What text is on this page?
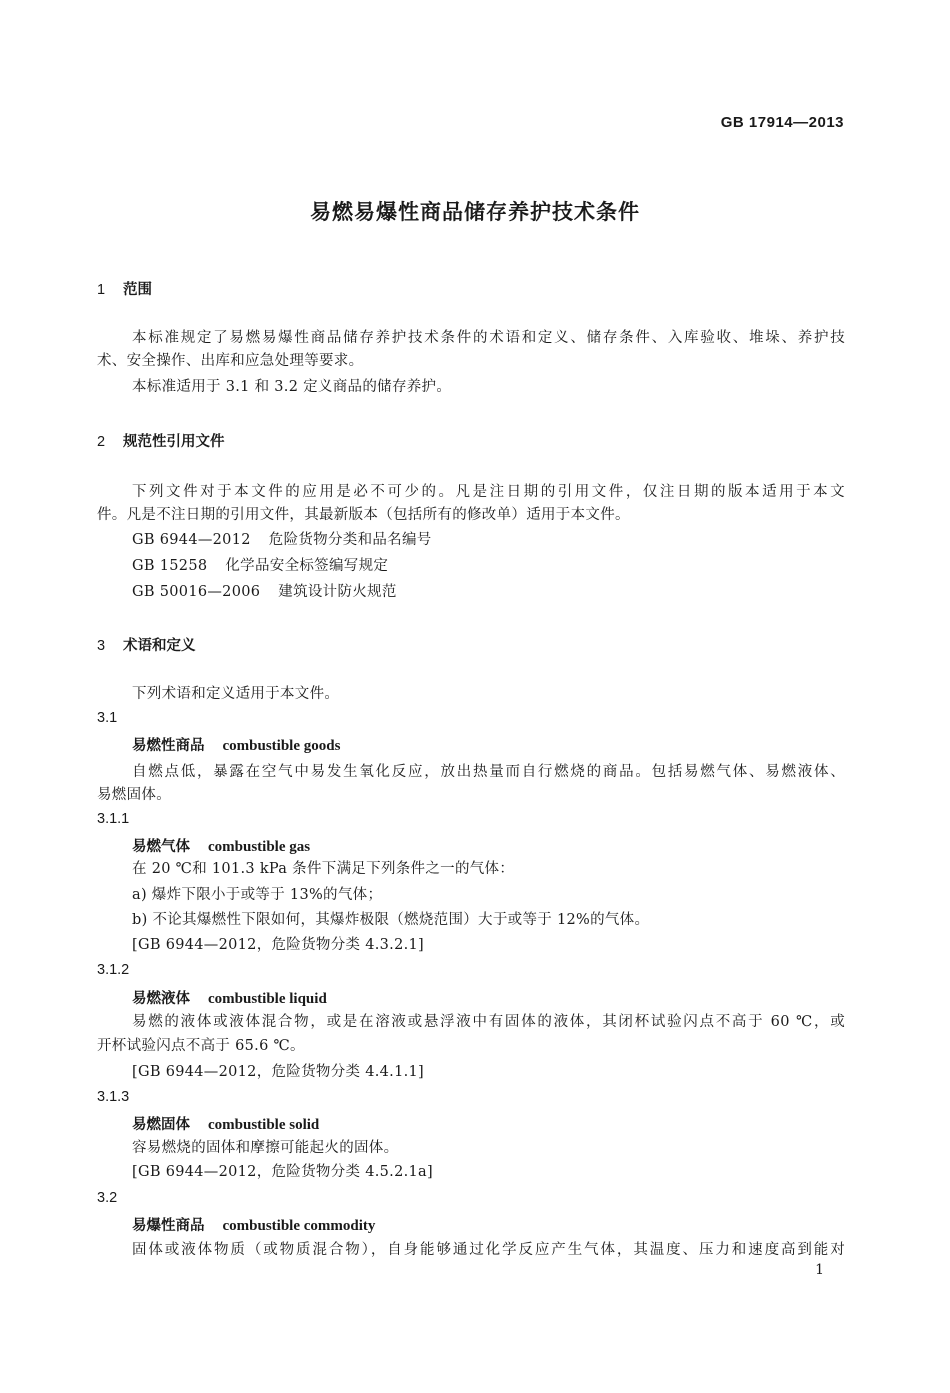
GB 17914—2013
易燃易爆性商品储存养护技术条件
1 范围
本标准规定了易燃易爆性商品储存养护技术条件的术语和定义、储存条件、入库验收、堆垛、养护技
术、安全操作、出库和应急处理等要求。
本标准适用于 3.1 和 3.2 定义商品的储存养护。
2 规范性引用文件
下列文件对于本文件的应用是必不可少的。凡是注日期的引用文件，仅注日期的版本适用于本文
件。凡是不注日期的引用文件，其最新版本（包括所有的修改单）适用于本文件。
GB 6944—2012 危险货物分类和品名编号
GB 15258 化学品安全标签编写规定
GB 50016—2006 建筑设计防火规范
3 术语和定义
下列术语和定义适用于本文件。
3.1
易燃性商品 combustible goods
自燃点低，暴露在空气中易发生氧化反应，放出热量而自行燃烧的商品。包括易燃气体、易燃液体、
易燃固体。
3.1.1
易燃气体 combustible gas
在 20 ℃和 101.3 kPa 条件下满足下列条件之一的气体：
a) 爆炸下限小于或等于 13%的气体；
b) 不论其爆燃性下限如何，其爆炸极限（燃烧范围）大于或等于 12%的气体。
[GB 6944—2012，危险货物分类 4.3.2.1]
3.1.2
易燃液体 combustible liquid
易燃的液体或液体混合物，或是在溶液或悬浮液中有固体的液体，其闭杯试验闪点不高于 60 ℃，或
开杯试验闪点不高于 65.6 ℃。
[GB 6944—2012，危险货物分类 4.4.1.1]
3.1.3
易燃固体 combustible solid
容易燃烧的固体和摩擦可能起火的固体。
[GB 6944—2012，危险货物分类 4.5.2.1a]
3.2
易爆性商品 combustible commodity
固体或液体物质（或物质混合物），自身能够通过化学反应产生气体，其温度、压力和速度高到能对
1
